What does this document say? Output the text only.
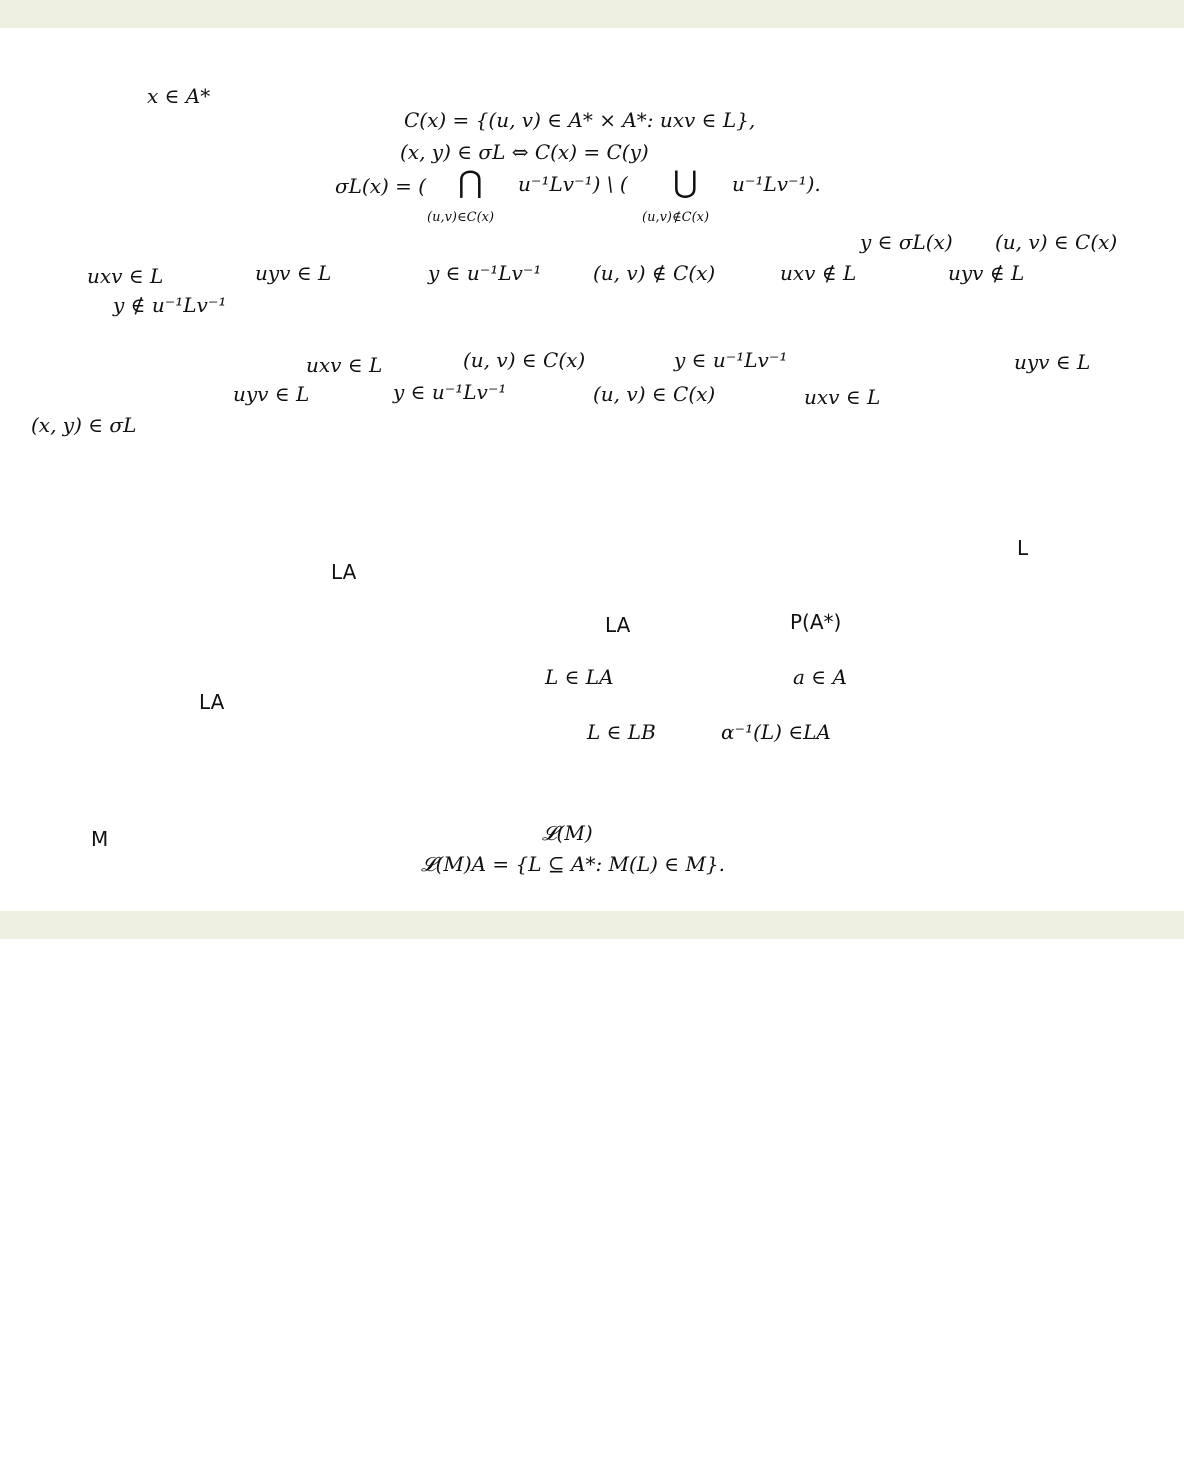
x ∈ A*
C(x) = {(u, v) ∈ A* × A*: uxv ∈ L},
(x, y) ∈ σL ⇔ C(x) = C(y)
σL(x) = ( ⋂ u⁻¹Lv⁻¹) \ ( ⋃ u⁻¹Lv⁻¹).
(u,v)∈C(x)	(u,v)∉C(x)
y ∈ σL(x) (u, v) ∈ C(x)
uxv ∈ L	uyv ∈ L	y ∈ u⁻¹Lv⁻¹	(u, v) ∉ C(x)	uxv ∉ L	uyv ∉ L
y ∉ u⁻¹Lv⁻¹
uxv ∈ L	(u, v) ∈ C(x)	y ∈ u⁻¹Lv⁻¹	uyv ∈ L
uyv ∈ L	y ∈ u⁻¹Lv⁻¹	(u, v) ∈ C(x)	uxv ∈ L
(x, y) ∈ σL
L
LA
LA	P(A*)
L ∈ LA	a ∈ A
LA
L ∈ LB	α⁻¹(L) ∈LA
M	𝓛(M)
𝓛(M)A = {L ⊆ A*: M(L) ∈ M}.
